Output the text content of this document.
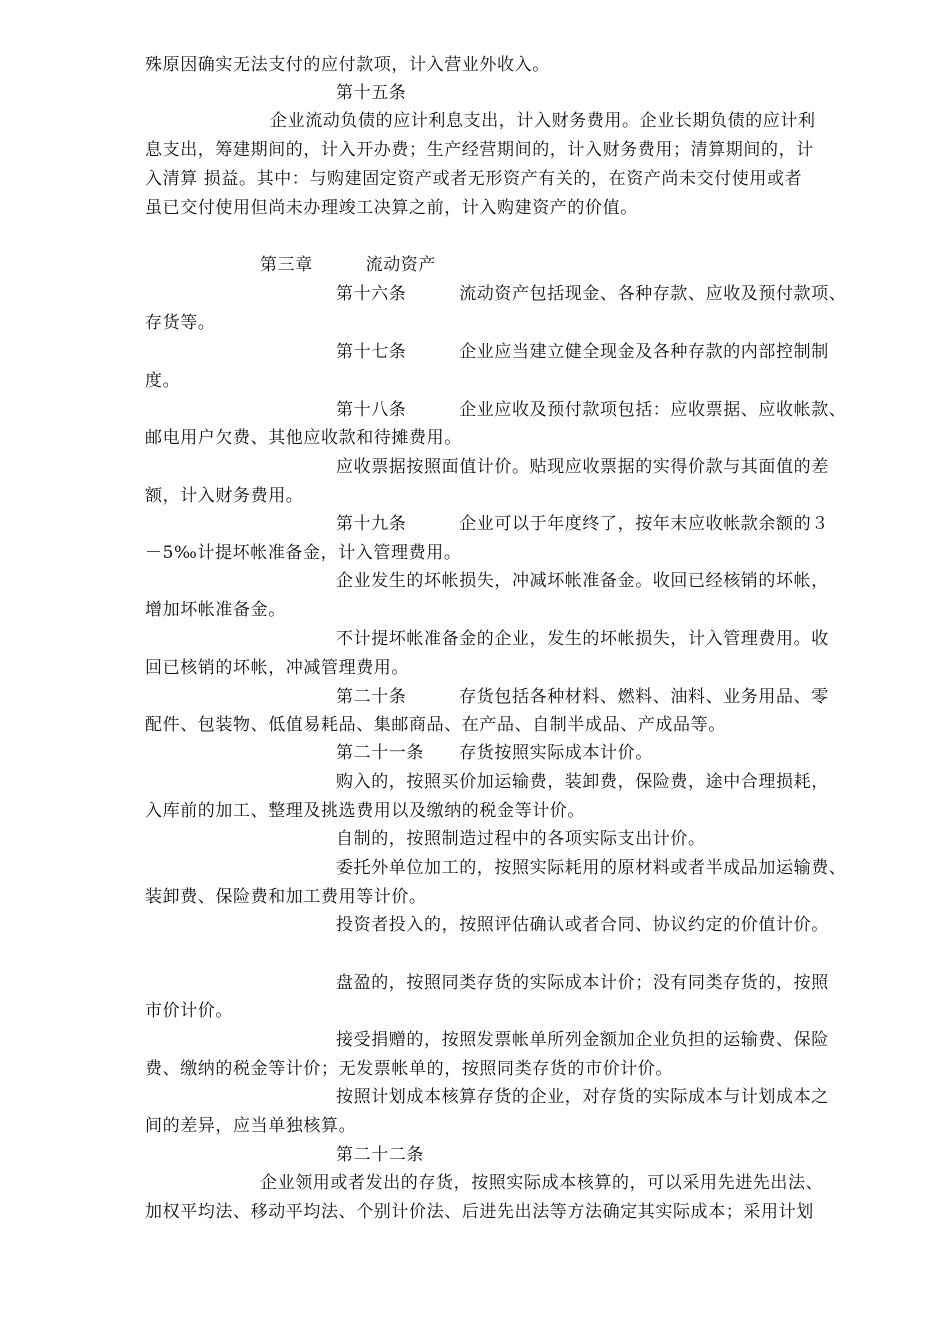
殊原因确实无法支付的应付款项，计入营业外收入。
第十五条
企业流动负债的应计利息支出，计入财务费用。企业长期负债的应计利
息支出，筹建期间的，计入开办费；生产经营期间的，计入财务费用；清算期间的，计
入清算 损益。其中：与购建固定资产或者无形资产有关的，在资产尚未交付使用或者
虽已交付使用但尚未办理竣工决算之前，计入购建资产的价值。
第三章　　　流动资产
第十六条　　　流动资产包括现金、各种存款、应收及预付款项、
存货等。
第十七条　　　企业应当建立健全现金及各种存款的内部控制制
度。
第十八条　　　企业应收及预付款项包括：应收票据、应收帐款、
邮电用户欠费、其他应收款和待摊费用。
应收票据按照面值计价。贴现应收票据的实得价款与其面值的差
额，计入财务费用。
第十九条　　　企业可以于年度终了，按年末应收帐款余额的３
－5‰计提坏帐准备金，计入管理费用。
企业发生的坏帐损失，冲减坏帐准备金。收回已经核销的坏帐，
增加坏帐准备金。
不计提坏帐准备金的企业，发生的坏帐损失，计入管理费用。收
回已核销的坏帐，冲减管理费用。
第二十条　　　存货包括各种材料、燃料、油料、业务用品、零
配件、包装物、低值易耗品、集邮商品、在产品、自制半成品、产成品等。
第二十一条　　存货按照实际成本计价。
购入的，按照买价加运输费，装卸费，保险费，途中合理损耗，
入库前的加工、整理及挑选费用以及缴纳的税金等计价。
自制的，按照制造过程中的各项实际支出计价。
委托外单位加工的，按照实际耗用的原材料或者半成品加运输费、
装卸费、保险费和加工费用等计价。
投资者投入的，按照评估确认或者合同、协议约定的价值计价。
盘盈的，按照同类存货的实际成本计价；没有同类存货的，按照
市价计价。
接受捐赠的，按照发票帐单所列金额加企业负担的运输费、保险
费、缴纳的税金等计价；无发票帐单的，按照同类存货的市价计价。
按照计划成本核算存货的企业，对存货的实际成本与计划成本之
间的差异，应当单独核算。
第二十二条
企业领用或者发出的存货，按照实际成本核算的，可以采用先进先出法、
加权平均法、移动平均法、个别计价法、后进先出法等方法确定其实际成本；采用计划
